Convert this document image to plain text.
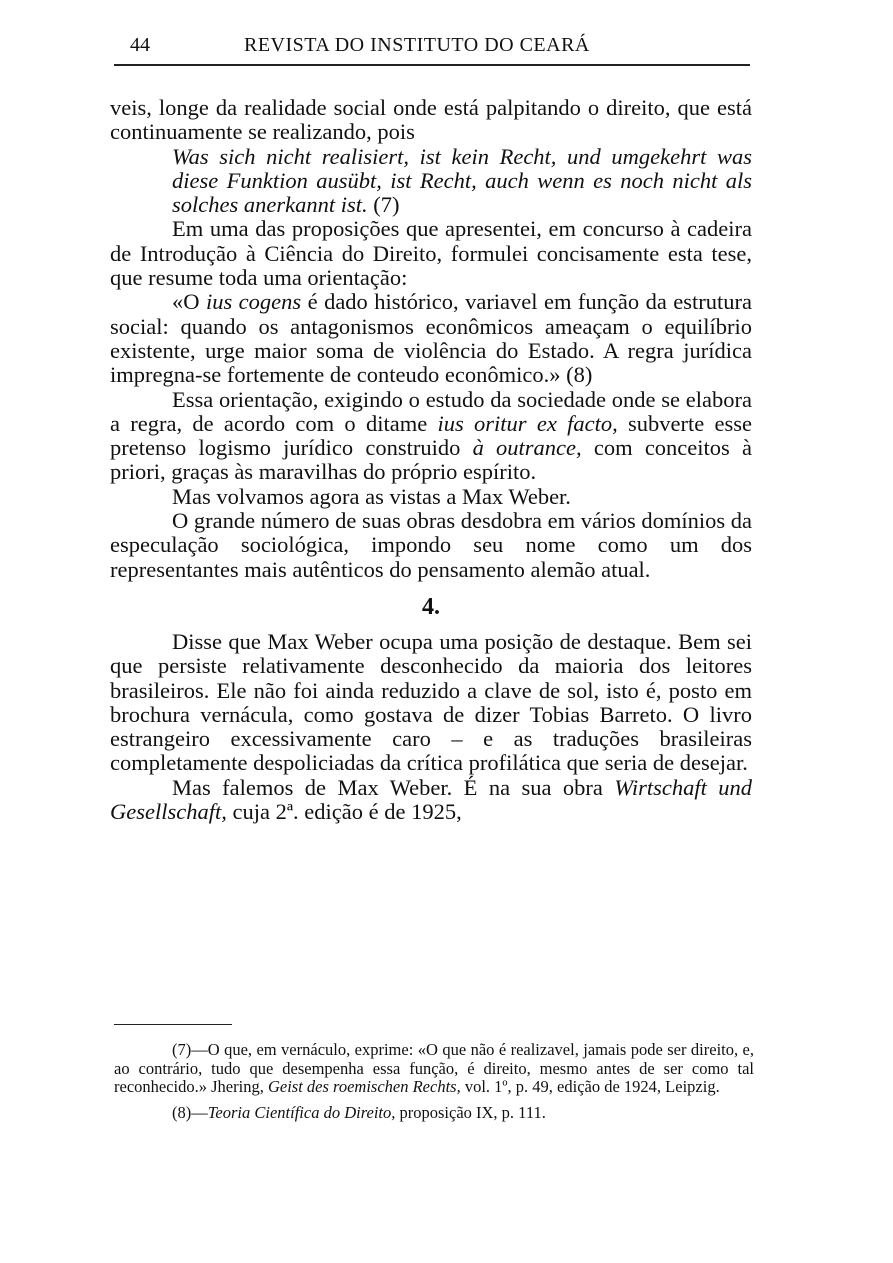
44	REVISTA DO INSTITUTO DO CEARÁ

veis, longe da realidade social onde está palpitando o direito, que está continuamente se realizando, pois

Was sich nicht realisiert, ist kein Recht, und umgekehrt was diese Funktion ausübt, ist Recht, auch wenn es noch nicht als solches anerkannt ist. (7)

Em uma das proposições que apresentei, em concurso à cadeira de Introdução à Ciência do Direito, formulei concisamente esta tese, que resume toda uma orientação:

«O ius cogens é dado histórico, variavel em função da estrutura social: quando os antagonismos econômicos ameaçam o equilíbrio existente, urge maior soma de violência do Estado. A regra jurídica impregna-se fortemente de conteudo econômico.» (8)

Essa orientação, exigindo o estudo da sociedade onde se elabora a regra, de acordo com o ditame ius oritur ex facto, subverte esse pretenso logismo jurídico construido à outrance, com conceitos à priori, graças às maravilhas do próprio espírito.

Mas volvamos agora as vistas a Max Weber.

O grande número de suas obras desdobra em vários domínios da especulação sociológica, impondo seu nome como um dos representantes mais autênticos do pensamento alemão atual.

4.

Disse que Max Weber ocupa uma posição de destaque. Bem sei que persiste relativamente desconhecido da maioria dos leitores brasileiros. Ele não foi ainda reduzido a clave de sol, isto é, posto em brochura vernácula, como gostava de dizer Tobias Barreto. O livro estrangeiro excessivamente caro – e as traduções brasileiras completamente despoliciadas da crítica profilática que seria de desejar.

Mas falemos de Max Weber. É na sua obra Wirtschaft und Gesellschaft, cuja 2ª. edição é de 1925,

(7)—O que, em vernáculo, exprime: «O que não é realizavel, jamais pode ser direito, e, ao contrário, tudo que desempenha essa função, é direito, mesmo antes de ser como tal reconhecido.» Jhering, Geist des roemischen Rechts, vol. 1º, p. 49, edição de 1924, Leipzig.

(8)—Teoria Científica do Direito, proposição IX, p. 111.
